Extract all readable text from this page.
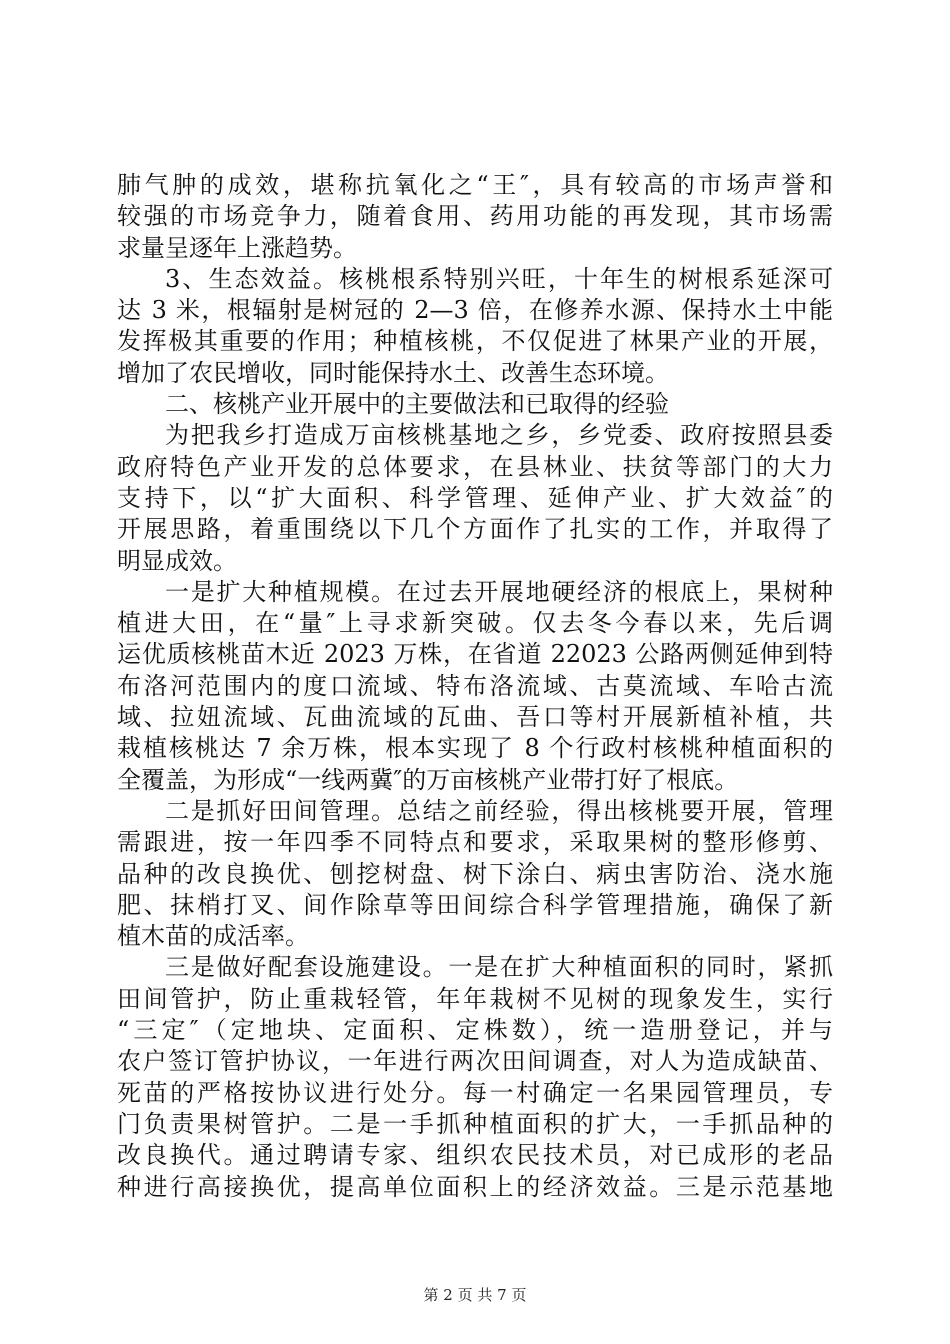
肺气肿的成效，堪称抗氧化之“王″，具有较高的市场声誉和
较强的市场竞争力，随着食用、药用功能的再发现，其市场需
求量呈逐年上涨趋势。
3、生态效益。核桃根系特别兴旺，十年生的树根系延深可
达 3 米，根辐射是树冠的 2—3 倍，在修养水源、保持水土中能
发挥极其重要的作用；种植核桃，不仅促进了林果产业的开展，
增加了农民增收，同时能保持水土、改善生态环境。
二、核桃产业开展中的主要做法和已取得的经验
为把我乡打造成万亩核桃基地之乡，乡党委、政府按照县委
政府特色产业开发的总体要求，在县林业、扶贫等部门的大力
支持下，以“扩大面积、科学管理、延伸产业、扩大效益″的
开展思路，着重围绕以下几个方面作了扎实的工作，并取得了
明显成效。
一是扩大种植规模。在过去开展地硬经济的根底上，果树种
植进大田，在“量″上寻求新突破。仅去冬今春以来，先后调
运优质核桃苗木近 2023 万株，在省道 22023 公路两侧延伸到特
布洛河范围内的度口流域、特布洛流域、古莫流域、车哈古流
域、拉妞流域、瓦曲流域的瓦曲、吾口等村开展新植补植，共
栽植核桃达 7 余万株，根本实现了 8 个行政村核桃种植面积的
全覆盖，为形成“一线两冀″的万亩核桃产业带打好了根底。
二是抓好田间管理。总结之前经验，得出核桃要开展，管理
需跟进，按一年四季不同特点和要求，采取果树的整形修剪、
品种的改良换优、刨挖树盘、树下涂白、病虫害防治、浇水施
肥、抹梢打叉、间作除草等田间综合科学管理措施，确保了新
植木苗的成活率。
三是做好配套设施建设。一是在扩大种植面积的同时，紧抓
田间管护，防止重栽轻管，年年栽树不见树的现象发生，实行
“三定″（定地块、定面积、定株数），统一造册登记，并与
农户签订管护协议，一年进行两次田间调查，对人为造成缺苗、
死苗的严格按协议进行处分。每一村确定一名果园管理员，专
门负责果树管护。二是一手抓种植面积的扩大，一手抓品种的
改良换代。通过聘请专家、组织农民技术员，对已成形的老品
种进行高接换优，提高单位面积上的经济效益。三是示范基地
第 2 页 共 7 页
